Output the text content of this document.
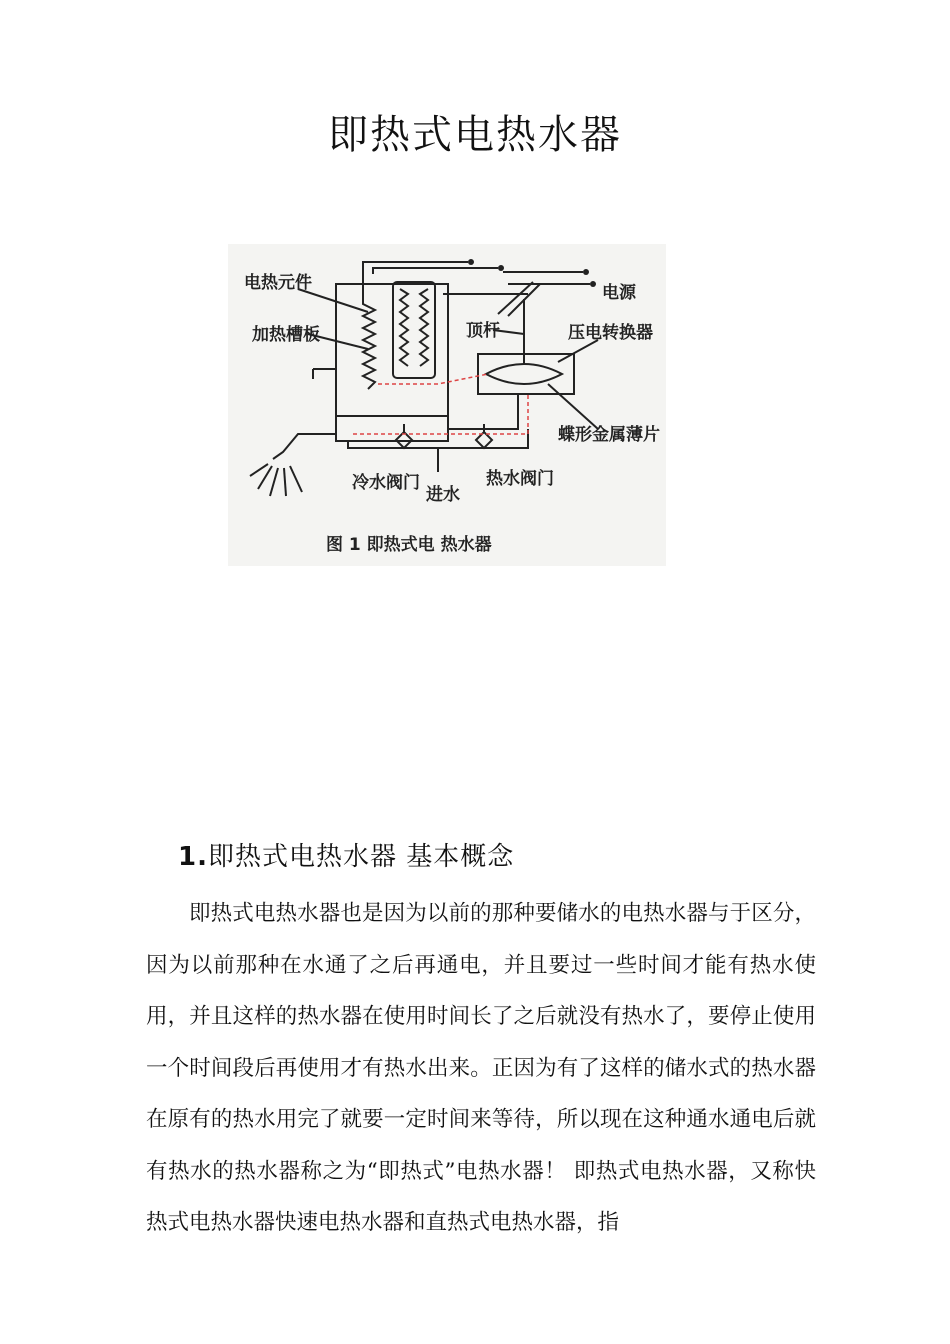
即热式电热水器
电热元件
加热槽板
电源
顶杆	压电转换器
蝶形金属薄片
冷水阀门
进水
热水阀门
图 1 即热式电 热水器
1.即热式电热水器 基本概念

即热式电热水器也是因为以前的那种要储水的电热水器与于区分，因为以前那种在水通了之后再通电，并且要过一些时间才能有热水使用，并且这样的热水器在使用时间长了之后就没有热水了，要停止使用一个时间段后再使用才有热水出来。正因为有了这样的储水式的热水器在原有的热水用完了就要一定时间来等待，所以现在这种通水通电后就有热水的热水器称之为“即热式”电热水器！ 即热式电热水器，又称快热式电热水器快速电热水器和直热式电热水器，指
